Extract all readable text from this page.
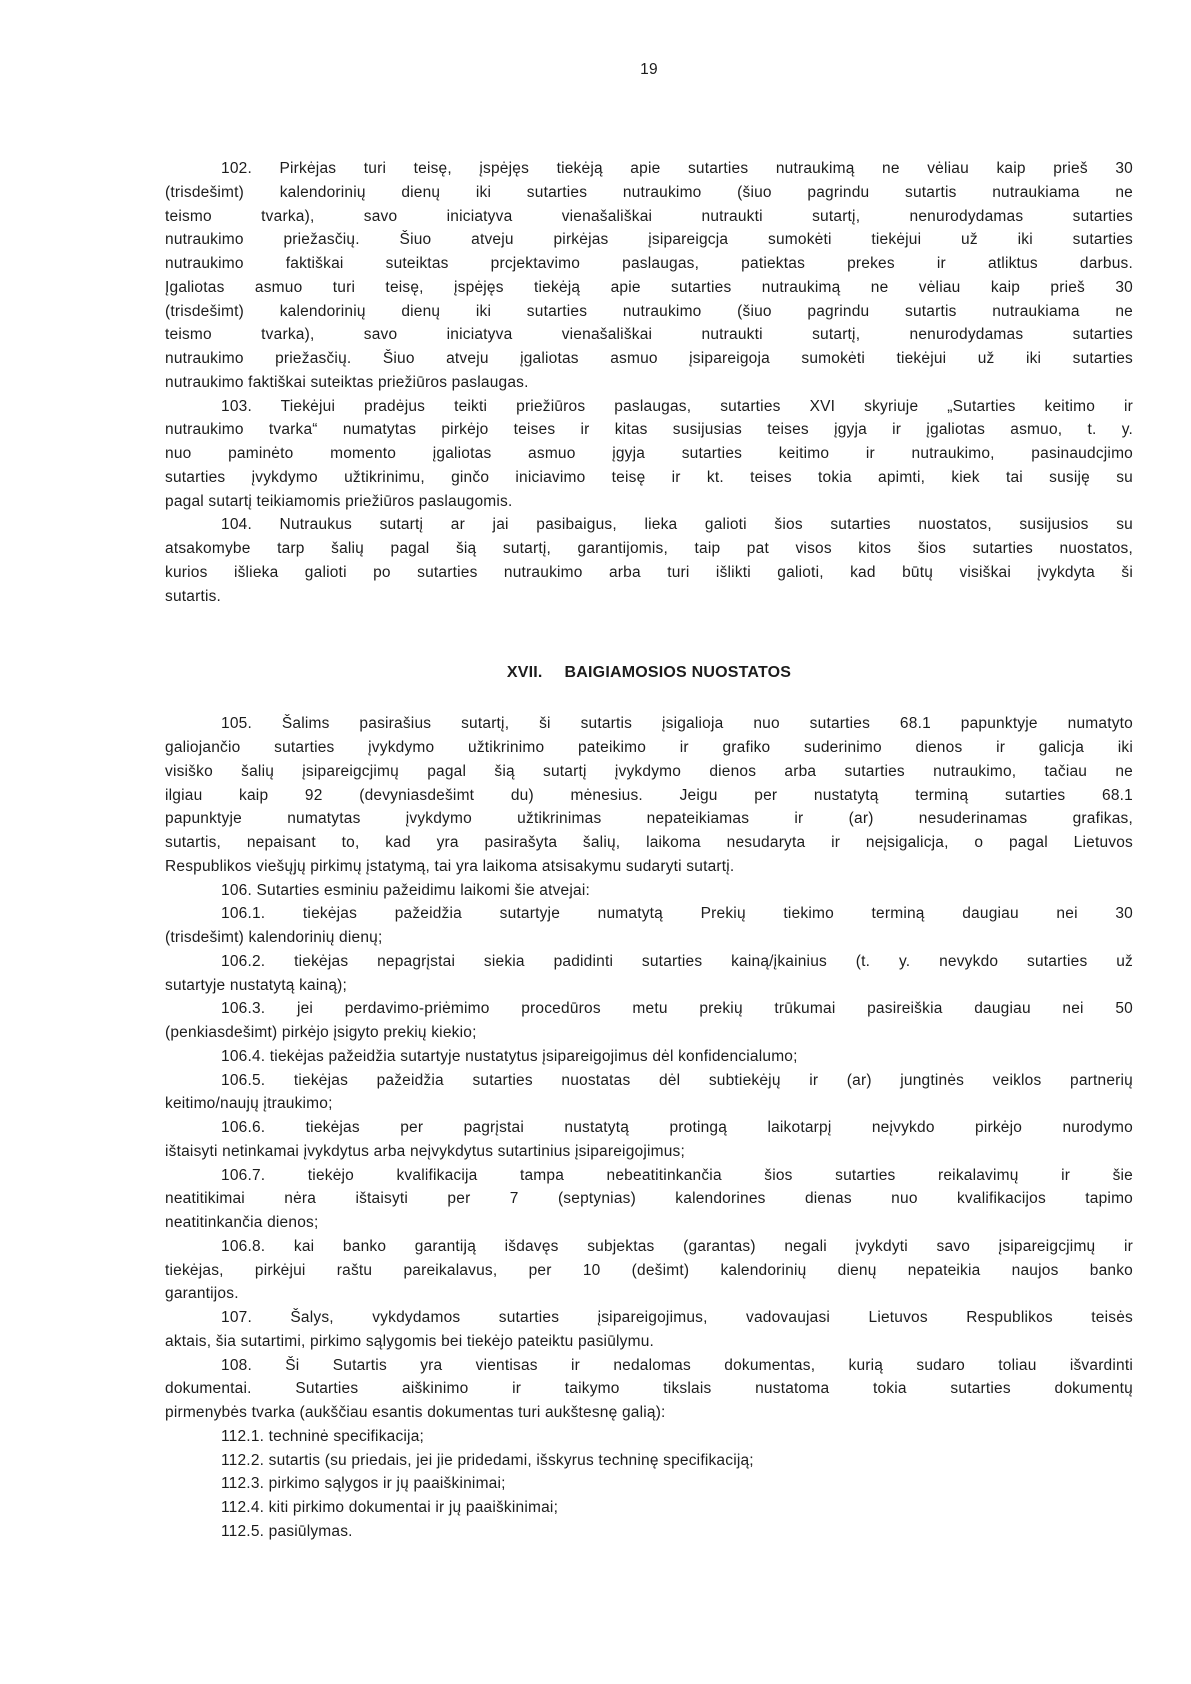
19
102. Pirkėjas turi teisę, įspėjęs tiekėją apie sutarties nutraukimą ne vėliau kaip prieš 30
(trisdešimt) kalendorinių dienų iki sutarties nutraukimo (šiuo pagrindu sutartis nutraukiama ne
teismo tvarka), savo iniciatyva vienašališkai nutraukti sutartį, nenurodydamas sutarties
nutraukimo priežasčių. Šiuo atveju pirkėjas įsipareigcja sumokėti tiekėjui už iki sutarties
nutraukimo faktiškai suteiktas prcjektavimo paslaugas, patiektas prekes ir atliktus darbus.
Įgaliotas asmuo turi teisę, įspėjęs tiekėją apie sutarties nutraukimą ne vėliau kaip prieš 30
(trisdešimt) kalendorinių dienų iki sutarties nutraukimo (šiuo pagrindu sutartis nutraukiama ne
teismo tvarka), savo iniciatyva vienašališkai nutraukti sutartį, nenurodydamas sutarties
nutraukimo priežasčių. Šiuo atveju įgaliotas asmuo įsipareigoja sumokėti tiekėjui už iki sutarties
nutraukimo faktiškai suteiktas priežiūros paslaugas.
103. Tiekėjui pradėjus teikti priežiūros paslaugas, sutarties XVI skyriuje „Sutarties keitimo ir
nutraukimo tvarka“ numatytas pirkėjo teises ir kitas susijusias teises įgyja ir įgaliotas asmuo, t. y.
nuo paminėto momento įgaliotas asmuo įgyja sutarties keitimo ir nutraukimo, pasinaudcjimo
sutarties įvykdymo užtikrinimu, ginčo iniciavimo teisę ir kt. teises tokia apimti, kiek tai susiję su
pagal sutartį teikiamomis priežiūros paslaugomis.
104. Nutraukus sutartį ar jai pasibaigus, lieka galioti šios sutarties nuostatos, susijusios su
atsakomybe tarp šalių pagal šią sutartį, garantijomis, taip pat visos kitos šios sutarties nuostatos,
kurios išlieka galioti po sutarties nutraukimo arba turi išlikti galioti, kad būtų visiškai įvykdyta ši
sutartis.
XVII. BAIGIAMOSIOS NUOSTATOS
105. Šalims pasirašius sutartį, ši sutartis įsigalioja nuo sutarties 68.1 papunktyje numatyto
galiojančio sutarties įvykdymo užtikrinimo pateikimo ir grafiko suderinimo dienos ir galicja iki
visiško šalių įsipareigcjimų pagal šią sutartį įvykdymo dienos arba sutarties nutraukimo, tačiau ne
ilgiau kaip 92 (devyniasdešimt du) mėnesius. Jeigu per nustatytą terminą sutarties 68.1
papunktyje numatytas įvykdymo užtikrinimas nepateikiamas ir (ar) nesuderinamas grafikas,
sutartis, nepaisant to, kad yra pasirašyta šalių, laikoma nesudaryta ir neįsigalicja, o pagal Lietuvos
Respublikos viešųjų pirkimų įstatymą, tai yra laikoma atsisakymu sudaryti sutartį.
106. Sutarties esminiu pažeidimu laikomi šie atvejai:
106.1. tiekėjas pažeidžia sutartyje numatytą Prekių tiekimo terminą daugiau nei 30
(trisdešimt) kalendorinių dienų;
106.2. tiekėjas nepagrįstai siekia padidinti sutarties kainą/įkainius (t. y. nevykdo sutarties už
sutartyje nustatytą kainą);
106.3. jei perdavimo-priėmimo procedūros metu prekių trūkumai pasireiškia daugiau nei 50
(penkiasdešimt) pirkėjo įsigyto prekių kiekio;
106.4. tiekėjas pažeidžia sutartyje nustatytus įsipareigojimus dėl konfidencialumo;
106.5. tiekėjas pažeidžia sutarties nuostatas dėl subtiekėjų ir (ar) jungtinės veiklos partnerių
keitimo/naujų įtraukimo;
106.6. tiekėjas per pagrįstai nustatytą protingą laikotarpį neįvykdo pirkėjo nurodymo
ištaisyti netinkamai įvykdytus arba neįvykdytus sutartinius įsipareigojimus;
106.7. tiekėjo kvalifikacija tampa nebeatitinkančia šios sutarties reikalavimų ir šie
neatitikimai nėra ištaisyti per 7 (septynias) kalendorines dienas nuo kvalifikacijos tapimo
neatitinkančia dienos;
106.8. kai banko garantiją išdavęs subjektas (garantas) negali įvykdyti savo įsipareigcjimų ir
tiekėjas, pirkėjui raštu pareikalavus, per 10 (dešimt) kalendorinių dienų nepateikia naujos banko
garantijos.
107. Šalys, vykdydamos sutarties įsipareigojimus, vadovaujasi Lietuvos Respublikos teisės
aktais, šia sutartimi, pirkimo sąlygomis bei tiekėjo pateiktu pasiūlymu.
108. Ši Sutartis yra vientisas ir nedalomas dokumentas, kurią sudaro toliau išvardinti
dokumentai. Sutarties aiškinimo ir taikymo tikslais nustatoma tokia sutarties dokumentų
pirmenybės tvarka (aukščiau esantis dokumentas turi aukštesnę galią):
112.1. techninė specifikacija;
112.2. sutartis (su priedais, jei jie pridedami, išskyrus techninę specifikaciją;
112.3. pirkimo sąlygos ir jų paaiškinimai;
112.4. kiti pirkimo dokumentai ir jų paaiškinimai;
112.5. pasiūlymas.
